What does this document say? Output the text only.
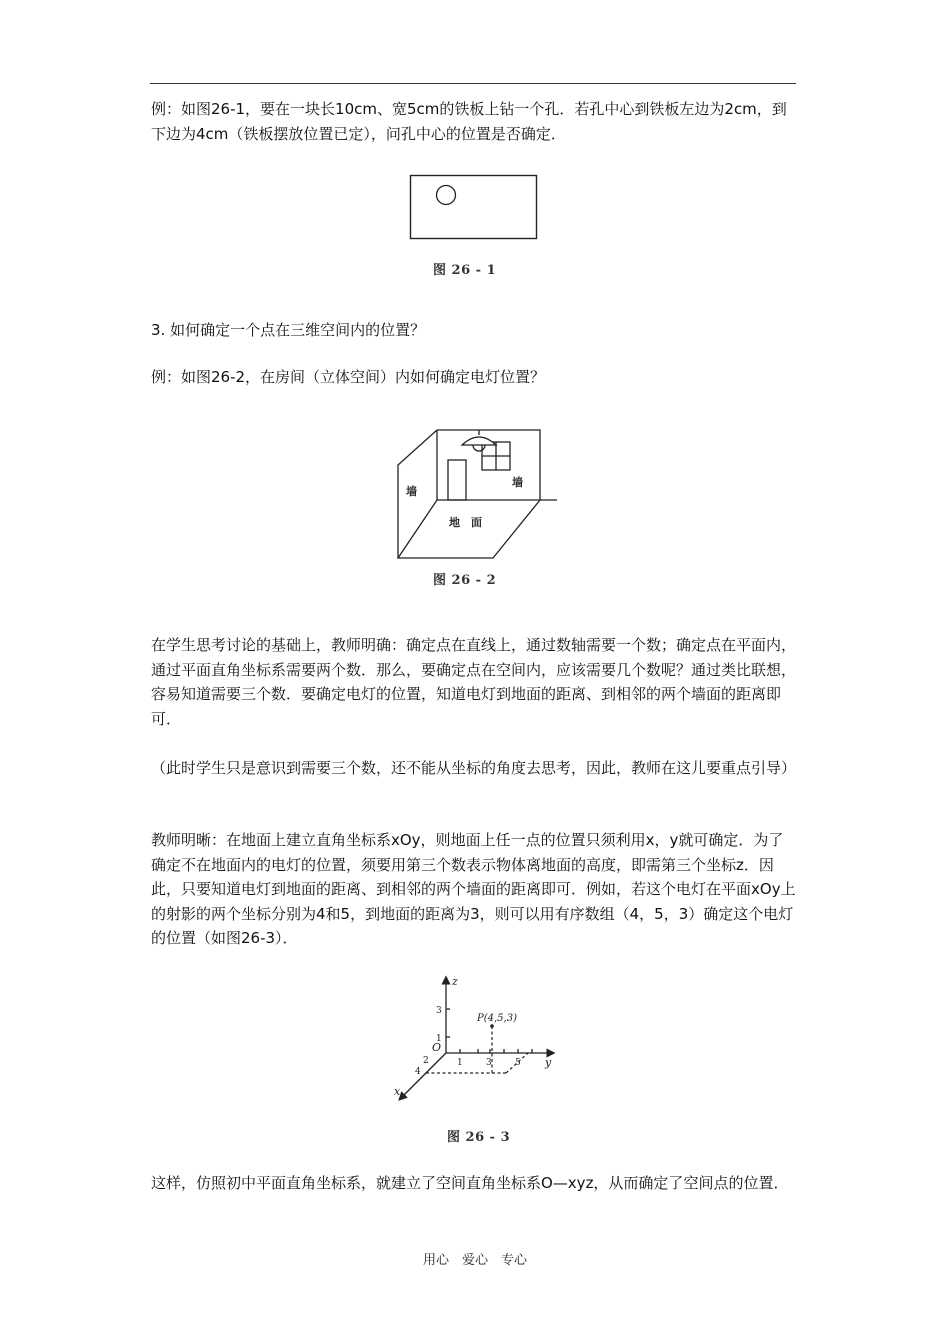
例：如图26-1，要在一块长10cm、宽5cm的铁板上钻一个孔．若孔中心到铁板左边为2cm，到下边为4cm（铁板摆放位置已定），问孔中心的位置是否确定．

图 26 - 1

3. 如何确定一个点在三维空间内的位置？

例：如图26-2，在房间（立体空间）内如何确定电灯位置？

墙
墙
地　面
图 26 - 2

在学生思考讨论的基础上，教师明确：确定点在直线上，通过数轴需要一个数；确定点在平面内，通过平面直角坐标系需要两个数．那么，要确定点在空间内，应该需要几个数呢？通过类比联想，容易知道需要三个数．要确定电灯的位置，知道电灯到地面的距离、到相邻的两个墙面的距离即可．

（此时学生只是意识到需要三个数，还不能从坐标的角度去思考，因此，教师在这儿要重点引导）

教师明晰：在地面上建立直角坐标系xOy，则地面上任一点的位置只须利用x，y就可确定．为了确定不在地面内的电灯的位置，须要用第三个数表示物体离地面的高度，即需第三个坐标z．因此，只要知道电灯到地面的距离、到相邻的两个墙面的距离即可．例如，若这个电灯在平面xOy上的射影的两个坐标分别为4和5，到地面的距离为3，则可以用有序数组（4，5，3）确定这个电灯的位置（如图26-3）．

z
y
x
O
P(4,5,3)
3
1
1	3	5
2
4
图 26 - 3

这样，仿照初中平面直角坐标系，就建立了空间直角坐标系O—xyz，从而确定了空间点的位置．

用心　爱心　专心
